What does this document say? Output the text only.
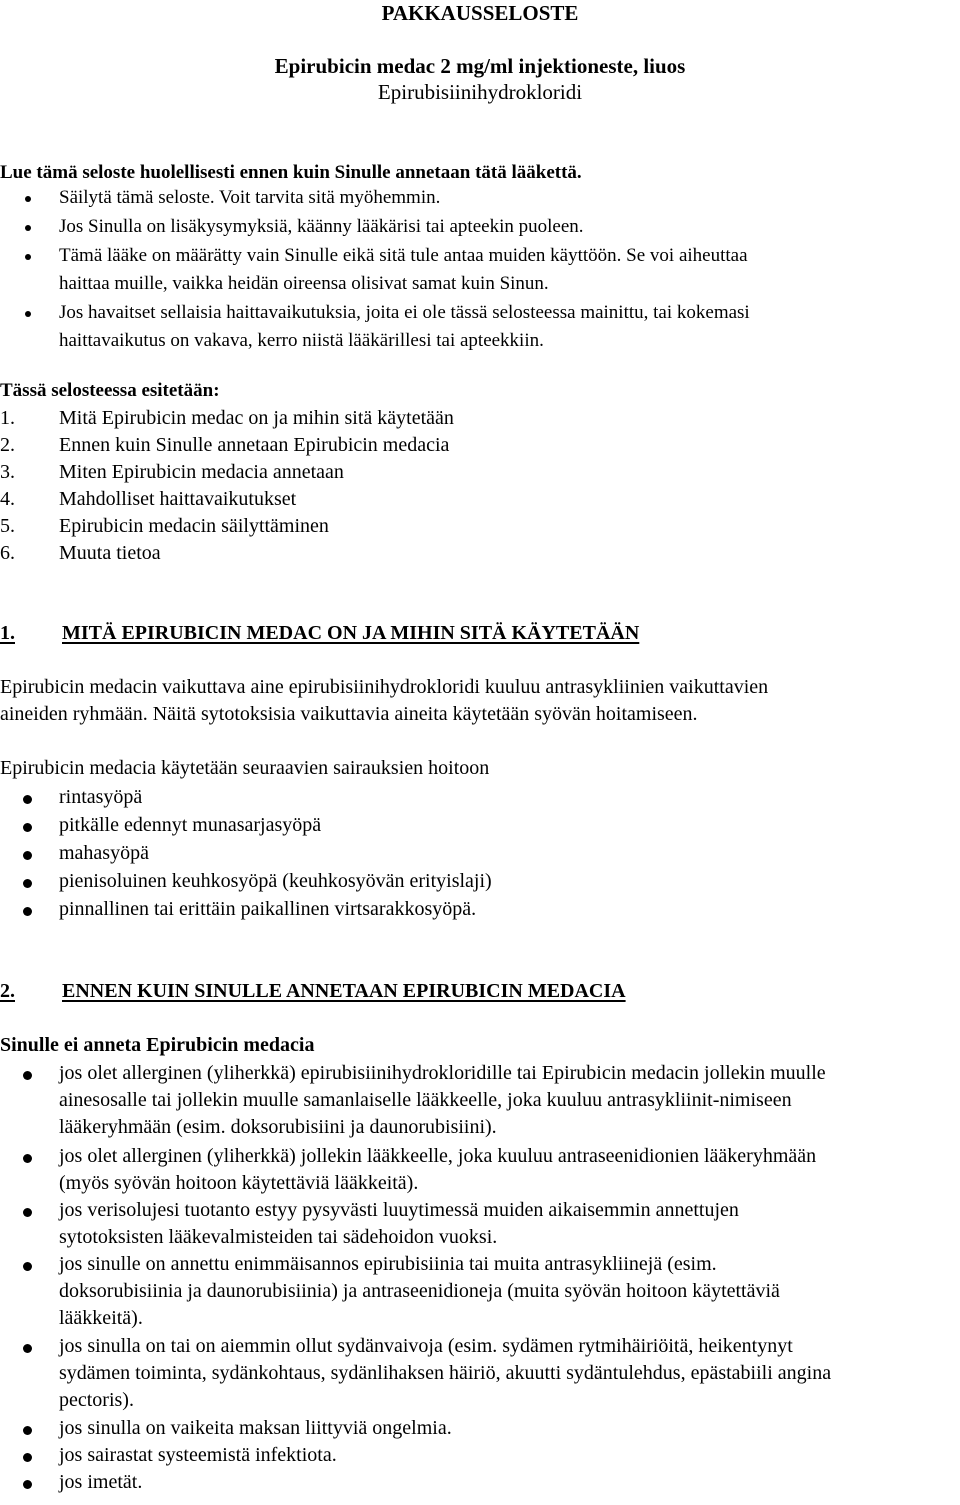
PAKKAUSSELOSTE
Epirubicin medac 2 mg/ml injektioneste, liuos
Epirubisiinihydrokloridi
Lue tämä seloste huolellisesti ennen kuin Sinulle annetaan tätä lääkettä.
Säilytä tämä seloste. Voit tarvita sitä myöhemmin.
Jos Sinulla on lisäkysymyksiä, käänny lääkärisi tai apteekin puoleen.
Tämä lääke on määrätty vain Sinulle eikä sitä tule antaa muiden käyttöön. Se voi aiheuttaa
haittaa muille, vaikka heidän oireensa olisivat samat kuin Sinun.
Jos havaitset sellaisia haittavaikutuksia, joita ei ole tässä selosteessa mainittu, tai kokemasi
haittavaikutus on vakava, kerro niistä lääkärillesi tai apteekkiin.
Tässä selosteessa esitetään:
1. Mitä Epirubicin medac on ja mihin sitä käytetään
2. Ennen kuin Sinulle annetaan Epirubicin medacia
3. Miten Epirubicin medacia annetaan
4. Mahdolliset haittavaikutukset
5. Epirubicin medacin säilyttäminen
6. Muuta tietoa
1. MITÄ EPIRUBICIN MEDAC ON JA MIHIN SITÄ KÄYTETÄÄN
Epirubicin medacin vaikuttava aine epirubisiinihydrokloridi kuuluu antrasykliinien vaikuttavien
aineiden ryhmään. Näitä sytotoksisia vaikuttavia aineita käytetään syövän hoitamiseen.
Epirubicin medacia käytetään seuraavien sairauksien hoitoon
rintasyöpä
pitkälle edennyt munasarjasyöpä
mahasyöpä
pienisoluinen keuhkosyöpä (keuhkosyövän erityislaji)
pinnallinen tai erittäin paikallinen virtsarakkosyöpä.
2. ENNEN KUIN SINULLE ANNETAAN EPIRUBICIN MEDACIA
Sinulle ei anneta Epirubicin medacia
jos olet allerginen (yliherkkä) epirubisiinihydrokloridille tai Epirubicin medacin jollekin muulle
ainesosalle tai jollekin muulle samanlaiselle lääkkeelle, joka kuuluu antrasykliinit-nimiseen
lääkeryhmään (esim. doksorubisiini ja daunorubisiini).
jos olet allerginen (yliherkkä) jollekin lääkkeelle, joka kuuluu antraseenidionien lääkeryhmään
(myös syövän hoitoon käytettäviä lääkkeitä).
jos verisolujesi tuotanto estyy pysyvästi luuytimessä muiden aikaisemmin annettujen
sytotoksisten lääkevalmisteiden tai sädehoidon vuoksi.
jos sinulle on annettu enimmäisannos epirubisiinia tai muita antrasykliinejä (esim.
doksorubisiinia ja daunorubisiinia) ja antraseenidioneja (muita syövän hoitoon käytettäviä
lääkkeitä).
jos sinulla on tai on aiemmin ollut sydänvaivoja (esim. sydämen rytmihäiriöitä, heikentynyt
sydämen toiminta, sydänkohtaus, sydänlihaksen häiriö, akuutti sydäntulehdus, epästabiili angina
pectoris).
jos sinulla on vaikeita maksan liittyviä ongelmia.
jos sairastat systeemistä infektiota.
jos imetät.
